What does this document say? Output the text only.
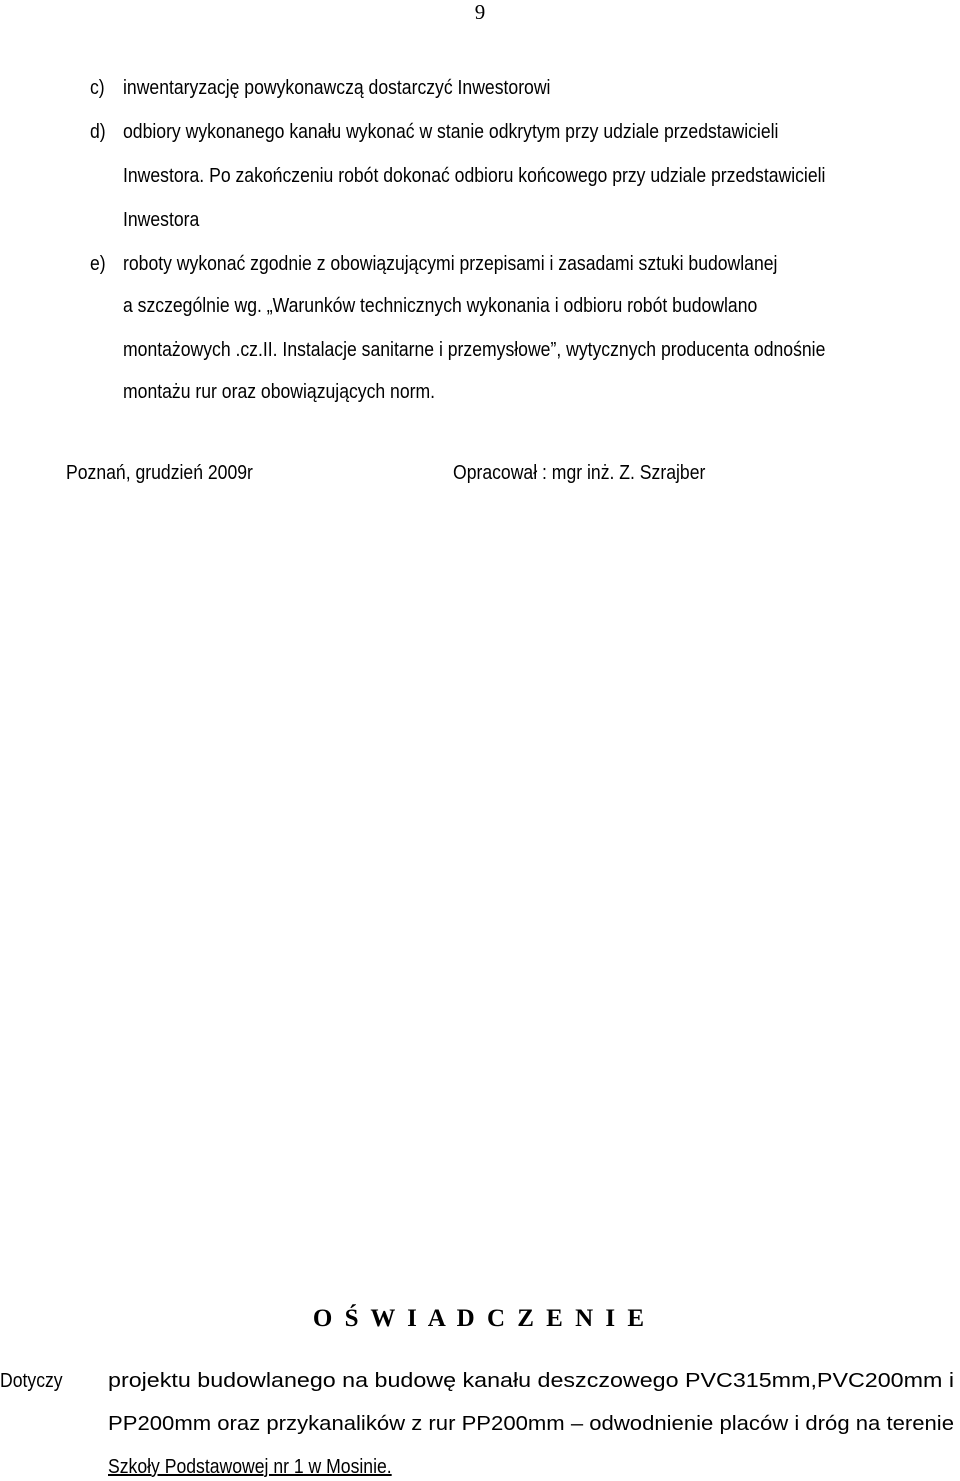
9
c) inwentaryzację powykonawczą dostarczyć Inwestorowi
d) odbiory wykonanego kanału wykonać w stanie odkrytym przy udziale przedstawicieli
Inwestora. Po zakończeniu robót dokonać odbioru końcowego przy udziale przedstawicieli
Inwestora
e) roboty wykonać zgodnie z obowiązującymi przepisami i zasadami sztuki budowlanej
a szczególnie wg. „Warunków technicznych wykonania i odbioru robót budowlano
montażowych .cz.II. Instalacje sanitarne i przemysłowe”, wytycznych producenta odnośnie
montażu rur oraz obowiązujących norm.
Poznań, grudzień 2009r	Opracował : mgr inż. Z. Szrajber
O Ś W I A D C Z E N I E
Dotyczy projektu budowlanego na budowę kanału deszczowego PVC315mm,PVC200mm i
PP200mm oraz przykanalików z rur PP200mm – odwodnienie placów i dróg na terenie
Szkoły Podstawowej nr 1 w Mosinie.
